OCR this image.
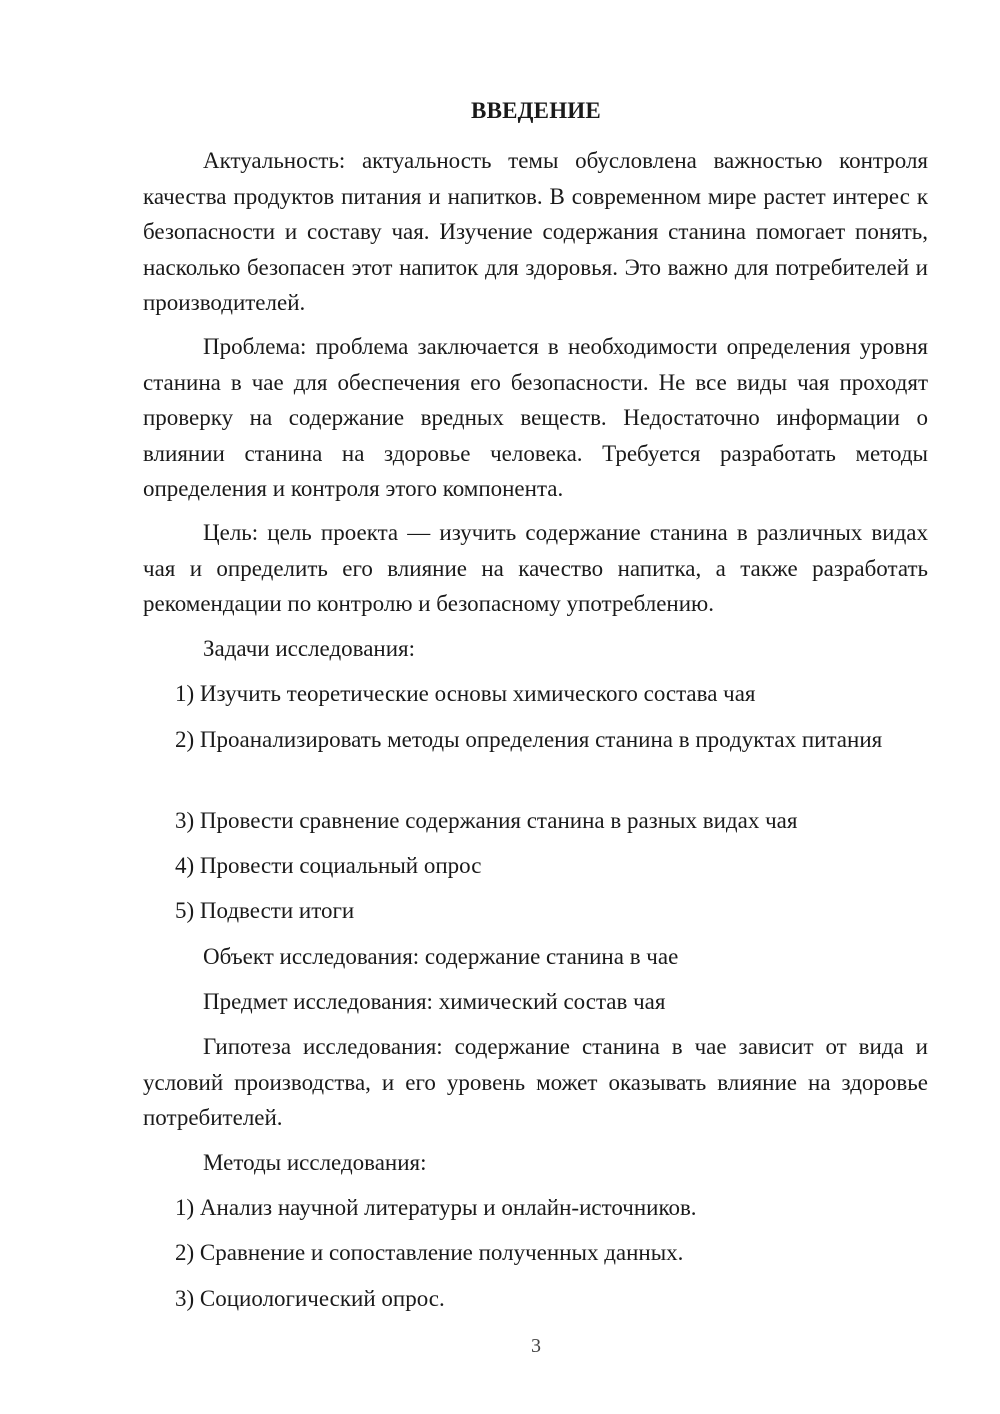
ВВЕДЕНИЕ

Актуальность: актуальность темы обусловлена важностью контроля качества продуктов питания и напитков. В современном мире растет интерес к безопасности и составу чая. Изучение содержания станина помогает понять, насколько безопасен этот напиток для здоровья. Это важно для потребителей и производителей.

Проблема: проблема заключается в необходимости определения уровня станина в чае для обеспечения его безопасности. Не все виды чая проходят проверку на содержание вредных веществ. Недостаточно информации о влиянии станина на здоровье человека. Требуется разработать методы определения и контроля этого компонента.

Цель: цель проекта — изучить содержание станина в различных видах чая и определить его влияние на качество напитка, а также разработать рекомендации по контролю и безопасному употреблению.

Задачи исследования:

1) Изучить теоретические основы химического состава чая

2) Проанализировать методы определения станина в продуктах питания

3) Провести сравнение содержания станина в разных видах чая

4) Провести социальный опрос

5) Подвести итоги

Объект исследования: содержание станина в чае

Предмет исследования: химический состав чая

Гипотеза исследования: содержание станина в чае зависит от вида и условий производства, и его уровень может оказывать влияние на здоровье потребителей.

Методы исследования:

1) Анализ научной литературы и онлайн-источников.

2) Сравнение и сопоставление полученных данных.

3) Социологический опрос.

3
